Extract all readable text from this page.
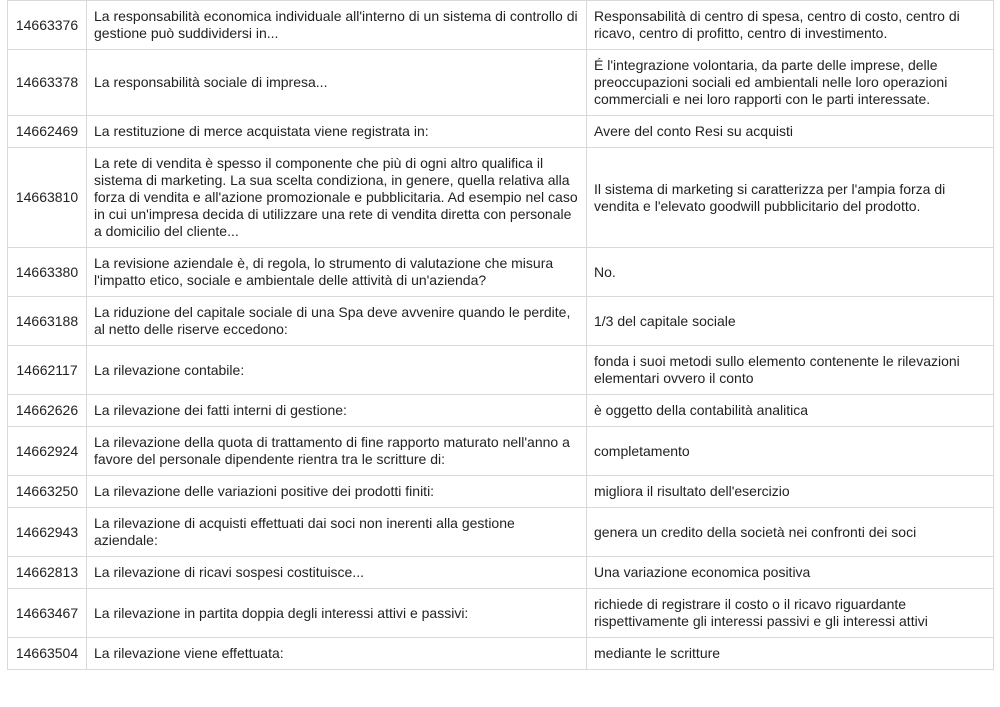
14663376	La responsabilità economica individuale all'interno di un sistema di controllo di gestione può suddividersi in...	Responsabilità di centro di spesa, centro di costo, centro di ricavo, centro di profitto, centro di investimento.
14663378	La responsabilità sociale di impresa...	É l'integrazione volontaria, da parte delle imprese, delle preoccupazioni sociali ed ambientali nelle loro operazioni commerciali e nei loro rapporti con le parti interessate.
14662469	La restituzione di merce acquistata viene registrata in:	Avere del conto Resi su acquisti
14663810	La rete di vendita è spesso il componente che più di ogni altro qualifica il sistema di marketing. La sua scelta condiziona, in genere, quella relativa alla forza di vendita e all'azione promozionale e pubblicitaria. Ad esempio nel caso in cui un'impresa decida di utilizzare una rete di vendita diretta con personale a domicilio del cliente...	Il sistema di marketing si caratterizza per l'ampia forza di vendita e l'elevato goodwill pubblicitario del prodotto.
14663380	La revisione aziendale è, di regola, lo strumento di valutazione che misura l'impatto etico, sociale e ambientale delle attività di un'azienda?	No.
14663188	La riduzione del capitale sociale di una Spa deve avvenire quando le perdite, al netto delle riserve eccedono:	1/3 del capitale sociale
14662117	La rilevazione contabile:	fonda i suoi metodi sullo elemento contenente le rilevazioni elementari ovvero il conto
14662626	La rilevazione dei fatti interni di gestione:	è oggetto della contabilità analitica
14662924	La rilevazione della quota di trattamento di fine rapporto maturato nell'anno a favore del personale dipendente rientra tra le scritture di:	completamento
14663250	La rilevazione delle variazioni positive dei prodotti finiti:	migliora il risultato dell'esercizio
14662943	La rilevazione di acquisti effettuati dai soci non inerenti alla gestione aziendale:	genera un credito della società nei confronti dei soci
14662813	La rilevazione di ricavi sospesi costituisce...	Una variazione economica positiva
14663467	La rilevazione in partita doppia degli interessi attivi e passivi:	richiede di registrare il costo o il ricavo riguardante rispettivamente gli interessi passivi e gli interessi attivi
14663504	La rilevazione viene effettuata:	mediante le scritture
